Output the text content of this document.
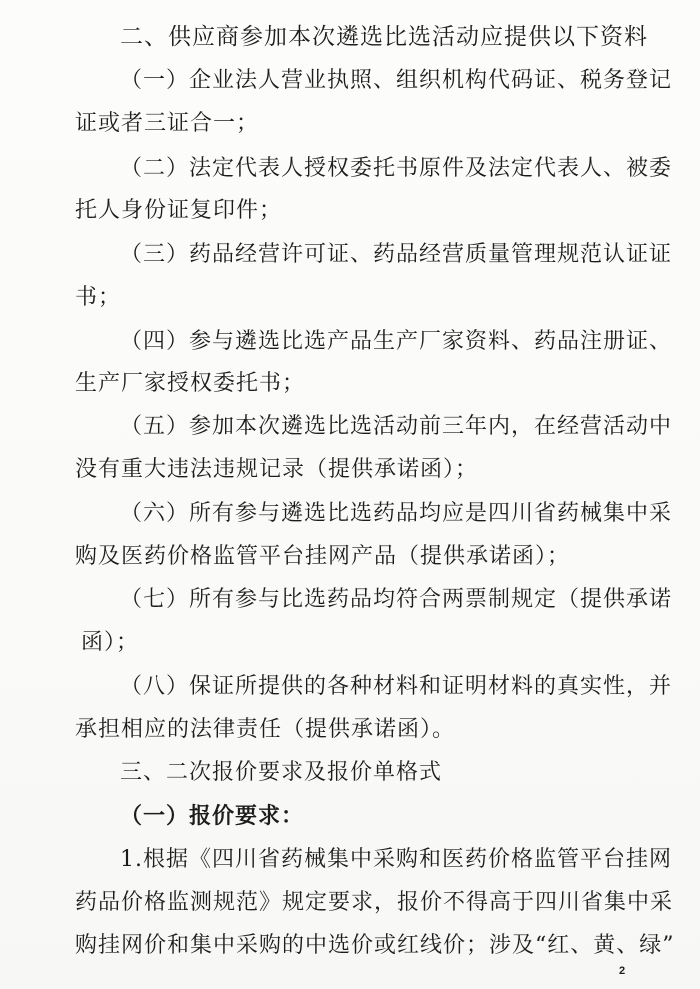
二、供应商参加本次遴选比选活动应提供以下资料
（一）企业法人营业执照、组织机构代码证、税务登记
证或者三证合一；
（二）法定代表人授权委托书原件及法定代表人、被委
托人身份证复印件；
（三）药品经营许可证、药品经营质量管理规范认证证
书；
（四）参与遴选比选产品生产厂家资料、药品注册证、
生产厂家授权委托书；
（五）参加本次遴选比选活动前三年内，在经营活动中
没有重大违法违规记录（提供承诺函）；
（六）所有参与遴选比选药品均应是四川省药械集中采
购及医药价格监管平台挂网产品（提供承诺函）；
（七）所有参与比选药品均符合两票制规定（提供承诺
函）；
（八）保证所提供的各种材料和证明材料的真实性，并
承担相应的法律责任（提供承诺函）。
三、二次报价要求及报价单格式
（一）报价要求：
1.根据《四川省药械集中采购和医药价格监管平台挂网
药品价格监测规范》规定要求，报价不得高于四川省集中采
购挂网价和集中采购的中选价或红线价；涉及“红、黄、绿”
2
